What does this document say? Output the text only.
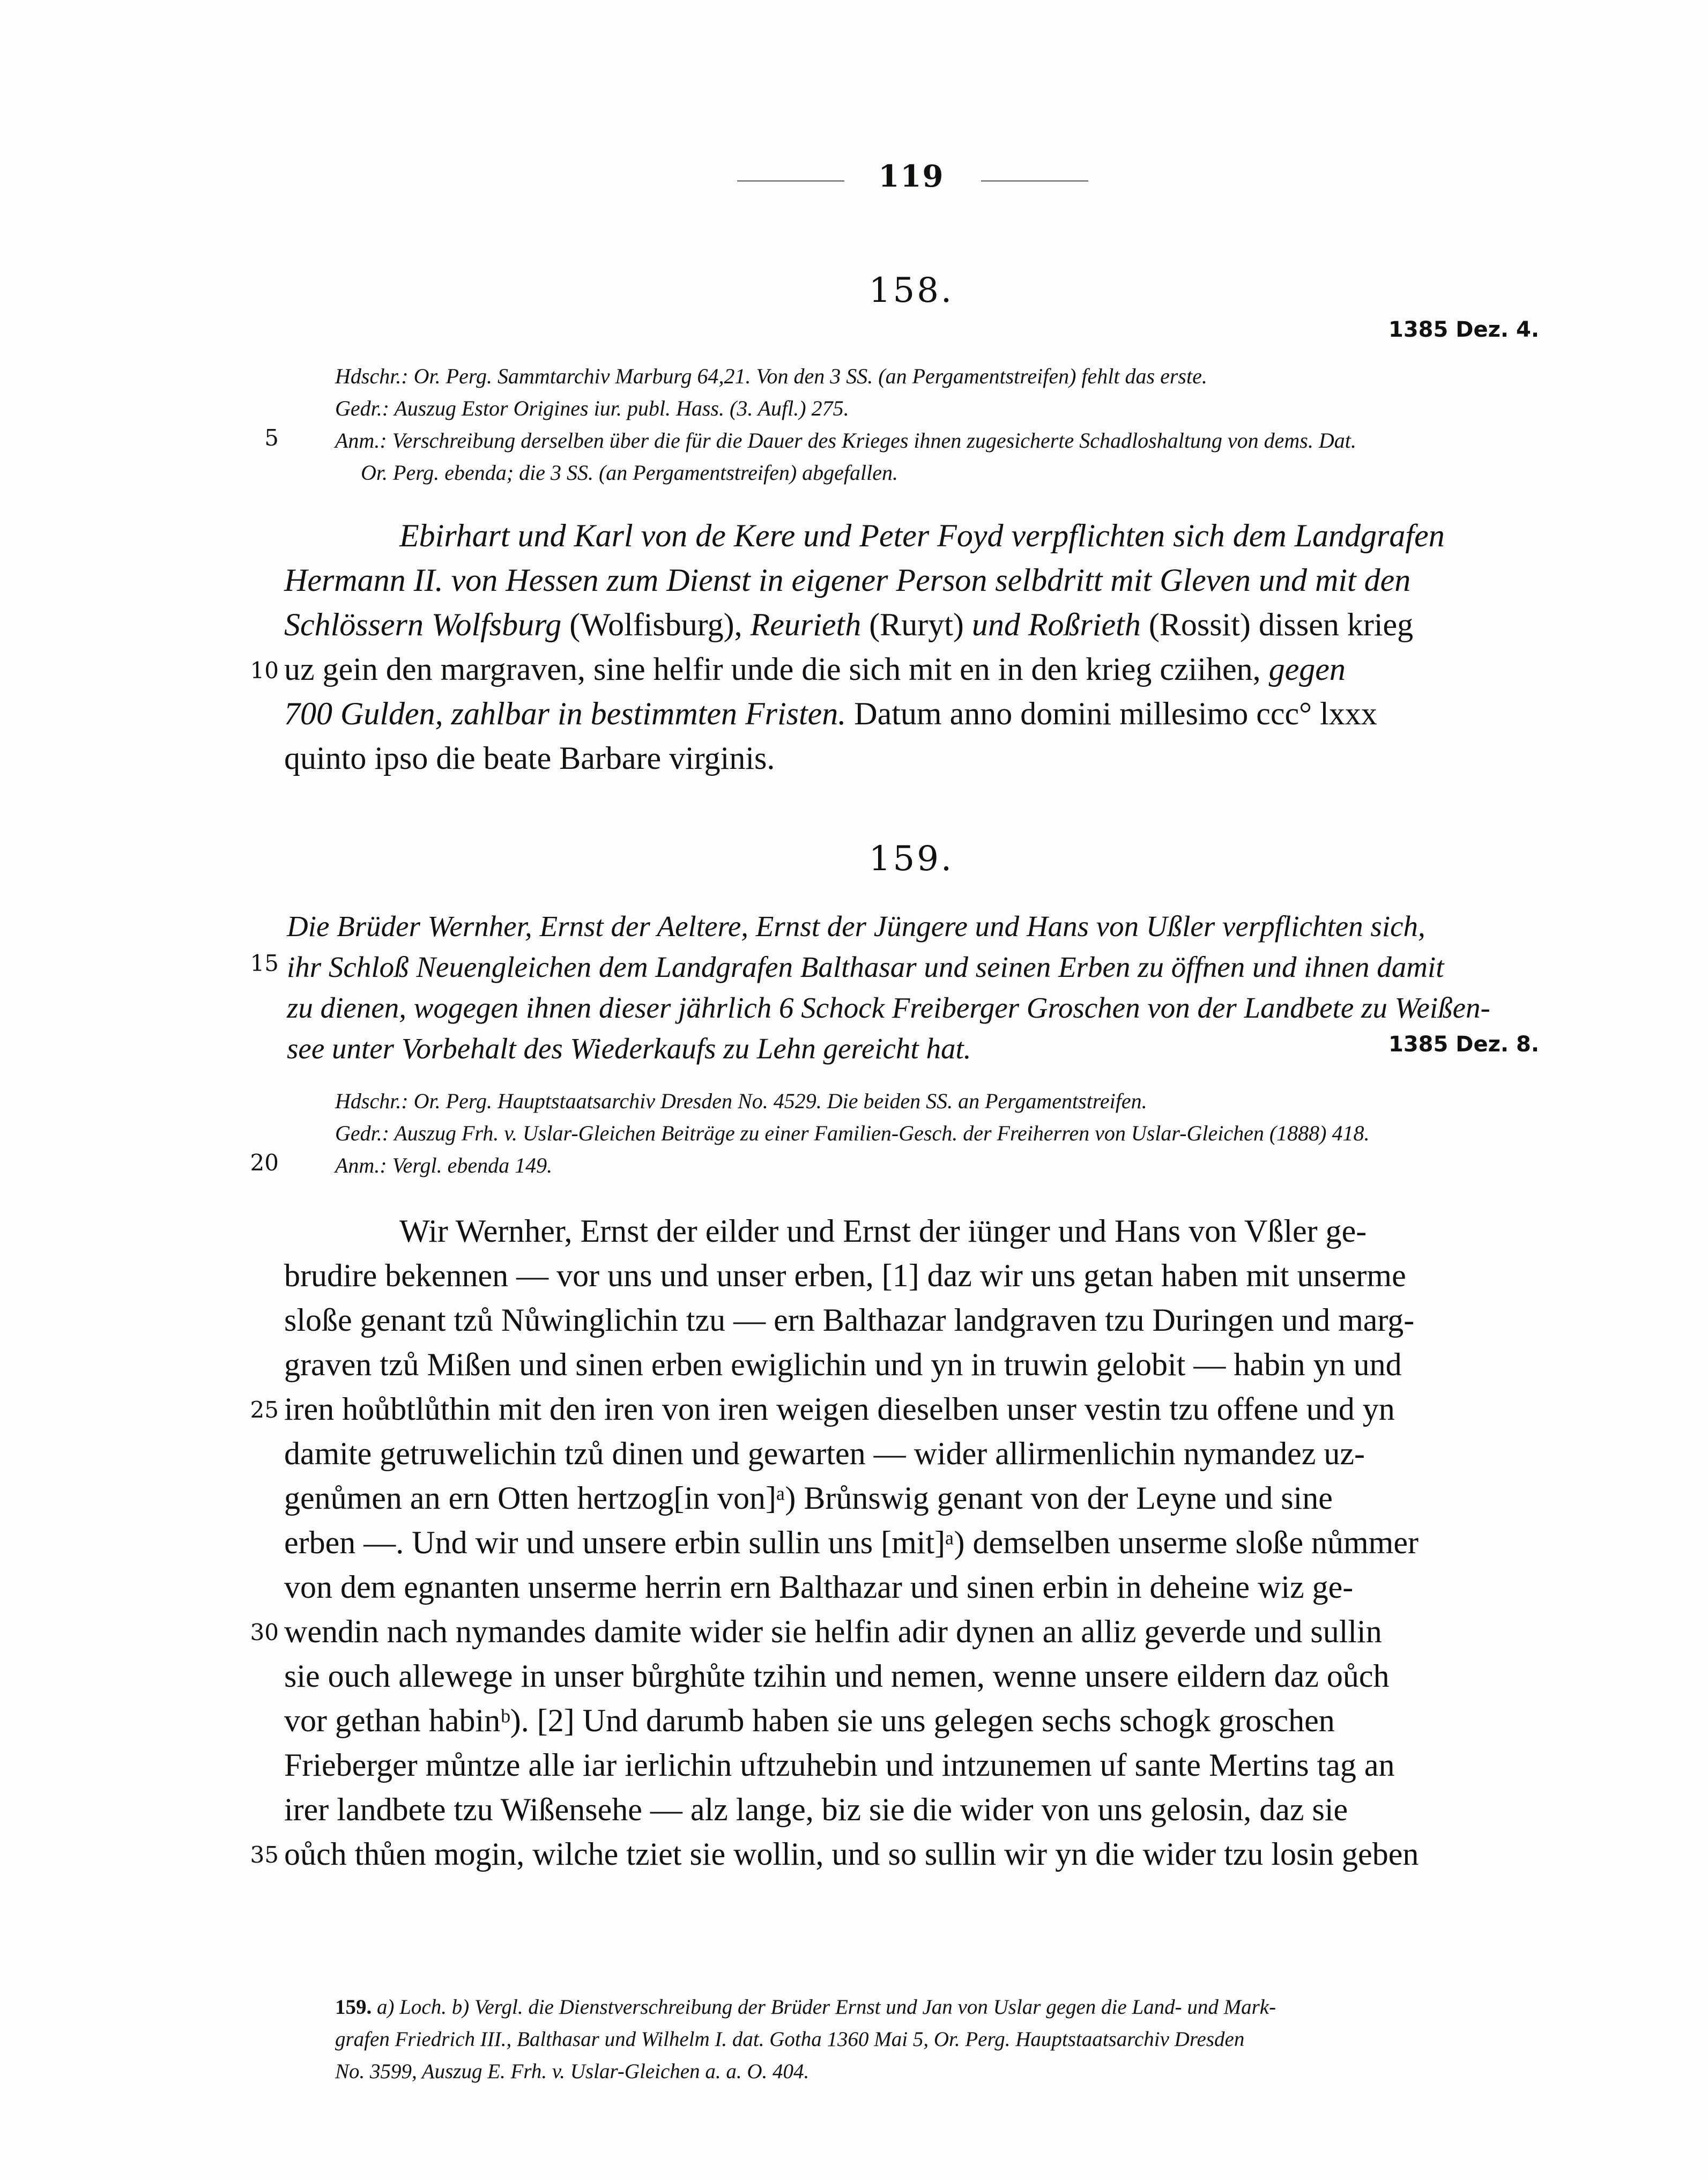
119
158.
1385 Dez. 4.
5
Hdschr.: Or. Perg. Sammtarchiv Marburg 64,21. Von den 3 SS. (an Pergamentstreifen) fehlt das erste.
Gedr.: Auszug Estor Origines iur. publ. Hass. (3. Aufl.) 275.
Anm.: Verschreibung derselben über die für die Dauer des Krieges ihnen zugesicherte Schadloshaltung von dems. Dat.
Or. Perg. ebenda; die 3 SS. (an Pergamentstreifen) abgefallen.
10
Ebirhart und Karl von de Kere und Peter Foyd verpflichten sich dem Landgrafen
Hermann II. von Hessen zum Dienst in eigener Person selbdritt mit Gleven und mit den
Schlössern Wolfsburg (Wolfisburg), Reurieth (Ruryt) und Roßrieth (Rossit) dissen krieg
uz gein den margraven, sine helfir unde die sich mit en in den krieg cziihen, gegen
700 Gulden, zahlbar in bestimmten Fristen. Datum anno domini millesimo ccc° lxxx
quinto ipso die beate Barbare virginis.
159.
15
Die Brüder Wernher, Ernst der Aeltere, Ernst der Jüngere und Hans von Ußler verpflichten sich,
ihr Schloß Neuengleichen dem Landgrafen Balthasar und seinen Erben zu öffnen und ihnen damit
zu dienen, wogegen ihnen dieser jährlich 6 Schock Freiberger Groschen von der Landbete zu Weißen-
see unter Vorbehalt des Wiederkaufs zu Lehn gereicht hat.	1385 Dez. 8.
20
Hdschr.: Or. Perg. Hauptstaatsarchiv Dresden No. 4529. Die beiden SS. an Pergamentstreifen.
Gedr.: Auszug Frh. v. Uslar-Gleichen Beiträge zu einer Familien-Gesch. der Freiherren von Uslar-Gleichen (1888) 418.
Anm.: Vergl. ebenda 149.
25
30
35
Wir Wernher, Ernst der eilder und Ernst der iünger und Hans von Vßler ge-
brudire bekennen — vor uns und unser erben, [1] daz wir uns getan haben mit unserme
sloße genant tzů Nůwinglichin tzu — ern Balthazar landgraven tzu Duringen und marg-
graven tzů Mißen und sinen erben ewiglichin und yn in truwin gelobit — habin yn und
iren hoůbtlůthin mit den iren von iren weigen dieselben unser vestin tzu offene und yn
damite getruwelichin tzů dinen und gewarten — wider allirmenlichin nymandez uz-
genůmen an ern Otten hertzog[in von]ᵃ) Brůnswig genant von der Leyne und sine
erben —. Und wir und unsere erbin sullin uns [mit]ᵃ) demselben unserme sloße nůmmer
von dem egnanten unserme herrin ern Balthazar und sinen erbin in deheine wiz ge-
wendin nach nymandes damite wider sie helfin adir dynen an alliz geverde und sullin
sie ouch allewege in unser bůrghůte tzihin und nemen, wenne unsere eildern daz oůch
vor gethan habinᵇ). [2] Und darumb haben sie uns gelegen sechs schogk groschen
Frieberger můntze alle iar ierlichin uftzuhebin und intzunemen uf sante Mertins tag an
irer landbete tzu Wißensehe — alz lange, biz sie die wider von uns gelosin, daz sie
oůch thůen mogin, wilche tziet sie wollin, und so sullin wir yn die wider tzu losin geben
159. a) Loch. b) Vergl. die Dienstverschreibung der Brüder Ernst und Jan von Uslar gegen die Land- und Mark-
grafen Friedrich III., Balthasar und Wilhelm I. dat. Gotha 1360 Mai 5, Or. Perg. Hauptstaatsarchiv Dresden
No. 3599, Auszug E. Frh. v. Uslar-Gleichen a. a. O. 404.
